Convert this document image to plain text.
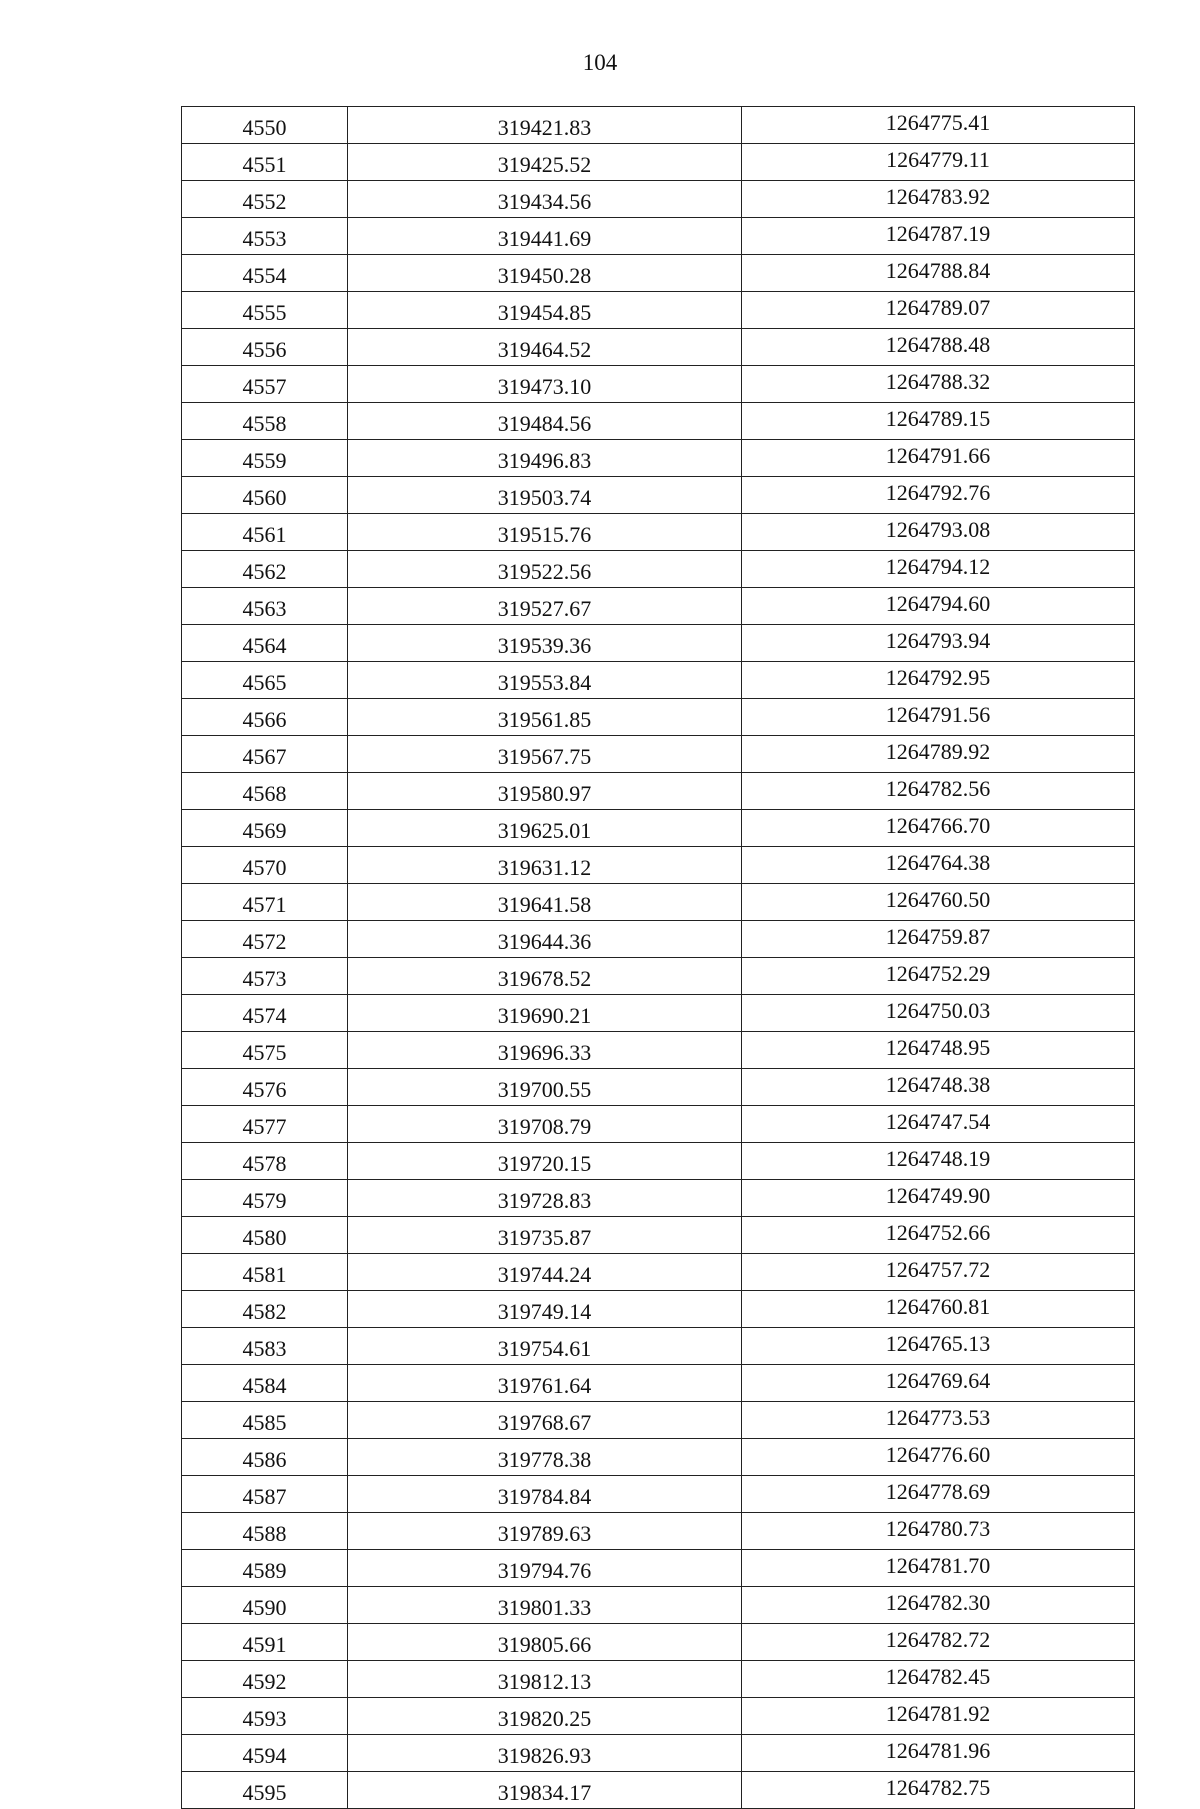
104
4550	319421.83	1264775.41
4551	319425.52	1264779.11
4552	319434.56	1264783.92
4553	319441.69	1264787.19
4554	319450.28	1264788.84
4555	319454.85	1264789.07
4556	319464.52	1264788.48
4557	319473.10	1264788.32
4558	319484.56	1264789.15
4559	319496.83	1264791.66
4560	319503.74	1264792.76
4561	319515.76	1264793.08
4562	319522.56	1264794.12
4563	319527.67	1264794.60
4564	319539.36	1264793.94
4565	319553.84	1264792.95
4566	319561.85	1264791.56
4567	319567.75	1264789.92
4568	319580.97	1264782.56
4569	319625.01	1264766.70
4570	319631.12	1264764.38
4571	319641.58	1264760.50
4572	319644.36	1264759.87
4573	319678.52	1264752.29
4574	319690.21	1264750.03
4575	319696.33	1264748.95
4576	319700.55	1264748.38
4577	319708.79	1264747.54
4578	319720.15	1264748.19
4579	319728.83	1264749.90
4580	319735.87	1264752.66
4581	319744.24	1264757.72
4582	319749.14	1264760.81
4583	319754.61	1264765.13
4584	319761.64	1264769.64
4585	319768.67	1264773.53
4586	319778.38	1264776.60
4587	319784.84	1264778.69
4588	319789.63	1264780.73
4589	319794.76	1264781.70
4590	319801.33	1264782.30
4591	319805.66	1264782.72
4592	319812.13	1264782.45
4593	319820.25	1264781.92
4594	319826.93	1264781.96
4595	319834.17	1264782.75
